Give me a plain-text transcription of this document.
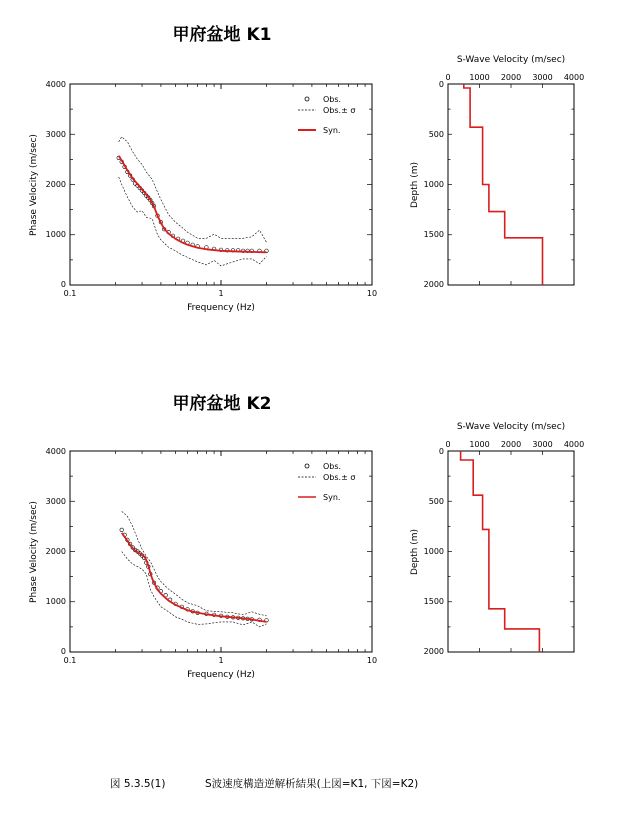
甲府盆地 K1
0
1000
2000
3000
4000
0.1	1	10
Frequency (Hz)
Phase Velocity (m/sec)
Obs.
Obs.± σ
Syn.
S-Wave Velocity (m/sec)
0 1000 2000 3000 4000
0
500
1000
1500
2000
Depth (m)
甲府盆地 K2
0
1000
2000
3000
4000
0.1	1	10
Frequency (Hz)
Phase Velocity (m/sec)
Obs.
Obs.± σ
Syn.
S-Wave Velocity (m/sec)
0 1000 2000 3000 4000
0
500
1000
1500
2000
Depth (m)
図 5.3.5(1)	S波速度構造逆解析結果(上図=K1, 下図=K2)
